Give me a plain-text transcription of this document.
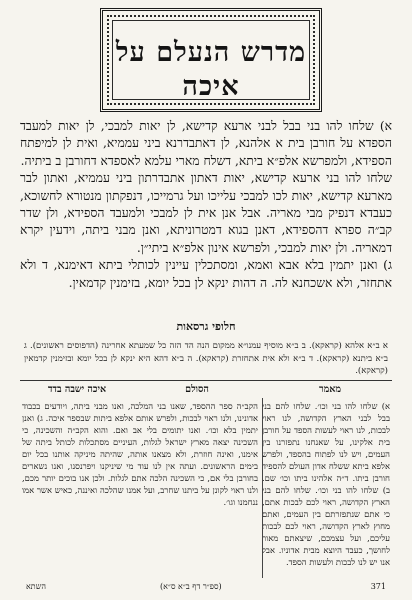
מדרש הנעלם על
איכה

א) שלחו להו בני בבל לבני ארעא קדישא, לן יאות למבכי, לן יאות למעבד הספדא על חורבן בית א אלהנא, לן דאתבדרנא ביני עממיא, ואית לן למיפתח הספידא, ולמפרשא אלפ״א ביתא, דשלח מארי עלמא לאספדא דחורבן ב ביתיה.

שלחו להו בני ארעא קדישא, יאות דאתון אתבדרתון ביני עממיא, ואתון לבר מארעא קדישא, יאות לכו למבכי עלייכו ועל גרמייכו, דנפקתון מנטורא לחשוכא, כעבדא דנפיק מבי מאריה. אבל אנן אית לן למבכי ולמעבד הספידא, ולן שדר קב״ה ספרא דהספידא, דאנן בגוא דמטרוניתא, ואנן מבני ביתה, וידעין יקרא דמאריה. ולן יאות למבכי, ולפרשא אינון אלפ״א ביתי״ן.

ג) ואנן יתמין בלא אבא ואמא, ומסתכלין עיינין לכותלי ביתא דאימנא, ד ולא אתחזר, ולא אשכחנא לה. ה דהות ינקא לן בכל יומא, בזימנין קדמאין.

חלופי גרסאות

א ב״א אלהא (קראקא). ב ב״א מוסיף עמנו״א ממקום הנה הד הזה כל שמעתא אחרינה (הדפוסים ראשונים). ג ב״א ביתנא (קראקא). ד ב״א ולא אית אתחזרת (קראקא). ה ב״א דהא היא ינקא לן בכל יומא ובזימנין קדמאין (קראקא).

מאמר
הסולם
איכה ישבה בדד

א) שלחו להו בני וכו׳. שלחו להם בני בבל לבני הארץ הקדושה, לנו ראוי לבכות, לנו ראוי לעשות הספד על חורבן בית אלקינו, על שאנחנו נתפזרנו בין העמים, ויש לנו לפתוח בהספד, ולפרש אלפא ביתא ששלח אדון העולם להספיד חורבן ביתו. ד״ה אלהינו ביתו וכו׳ שם. ב) שלחו להו בני וכו׳. שלחו להם בני הארץ הקדושה, ראוי לכם לבכות אתם, כי אתם שנתפזרתם בין העמים, ואתם מחוץ לארץ הקדושה, ראוי לכם לבכות עליכם, ועל עצמכם, שיצאתם מאור לחושך, כעבד היוצא מבית אדוניו. אבל אנו יש לנו לבכות ולעשות הספד.

הקב״ה ספר ההספד, שאנו בני המלכה, ואנו מבני ביתה, ויודעים בכבוד אדונינו, ולנו ראוי לבכות, ולפרש אותם אלפא ביתות שבספר איכה. ג) ואנן יתמין בלא וכו׳. ואנו יתומים בלי אב ואם. והוא הקב״ה והשכינה, כי השכינה יצאה מארץ ישראל לגלות, העיניים מסתכלות לכותל ביתה של אימנו, ואינה חוזרת, ולא מצאנו אותה, שהיתה מיניקה אותנו בכל יום בימים הראשונים. ועתה אין לנו עוד מי שיניקנו ויפרנסנו, ואנו נשארים בחורבן בלי אם, כי השכינה הלכה אתם לגלות. ולכן אנו בוכים יותר מכם, ולנו ראוי לקונן על ביתנו שחרב, ועל אמנו שהלכה ואיננה, כאיש אשר אמו ננחמנו וגו׳.

השתא	(ספ״ר דף ב״א ס״א)	371
